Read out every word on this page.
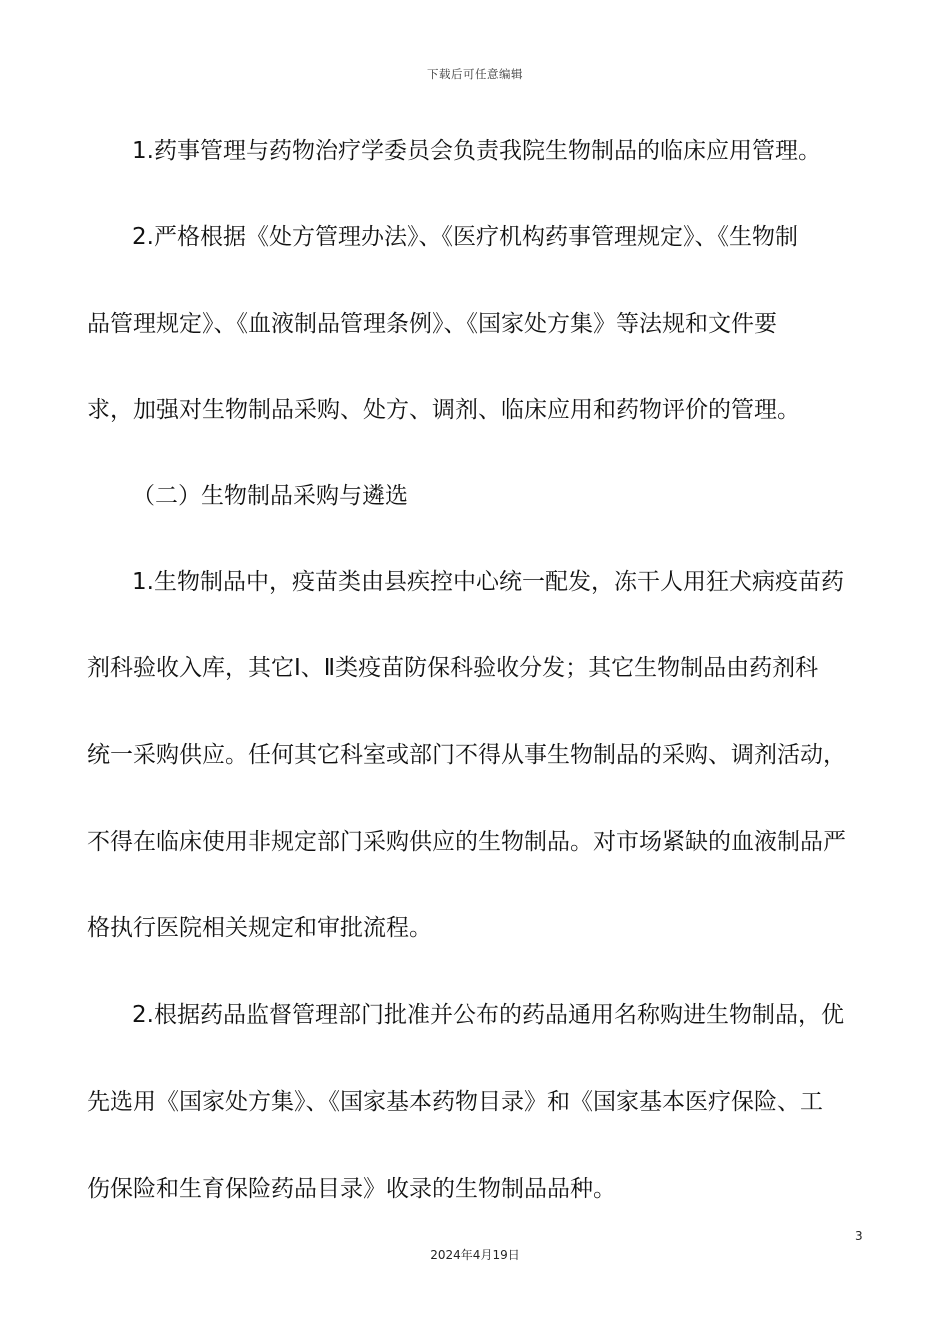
下载后可任意编辑
1.药事管理与药物治疗学委员会负责我院生物制品的临床应用管理。
2.严格根据《处方管理办法》、《医疗机构药事管理规定》、《生物制
品管理规定》、《血液制品管理条例》、《国家处方集》等法规和文件要
求，加强对生物制品采购、处方、调剂、临床应用和药物评价的管理。
（二）生物制品采购与遴选
1.生物制品中，疫苗类由县疾控中心统一配发，冻干人用狂犬病疫苗药
剂科验收入库，其它Ⅰ、Ⅱ类疫苗防保科验收分发；其它生物制品由药剂科
统一采购供应。任何其它科室或部门不得从事生物制品的采购、调剂活动，
不得在临床使用非规定部门采购供应的生物制品。对市场紧缺的血液制品严
格执行医院相关规定和审批流程。
2.根据药品监督管理部门批准并公布的药品通用名称购进生物制品，优
先选用《国家处方集》、《国家基本药物目录》和《国家基本医疗保险、工
伤保险和生育保险药品目录》收录的生物制品品种。
3
2024年4月19日
